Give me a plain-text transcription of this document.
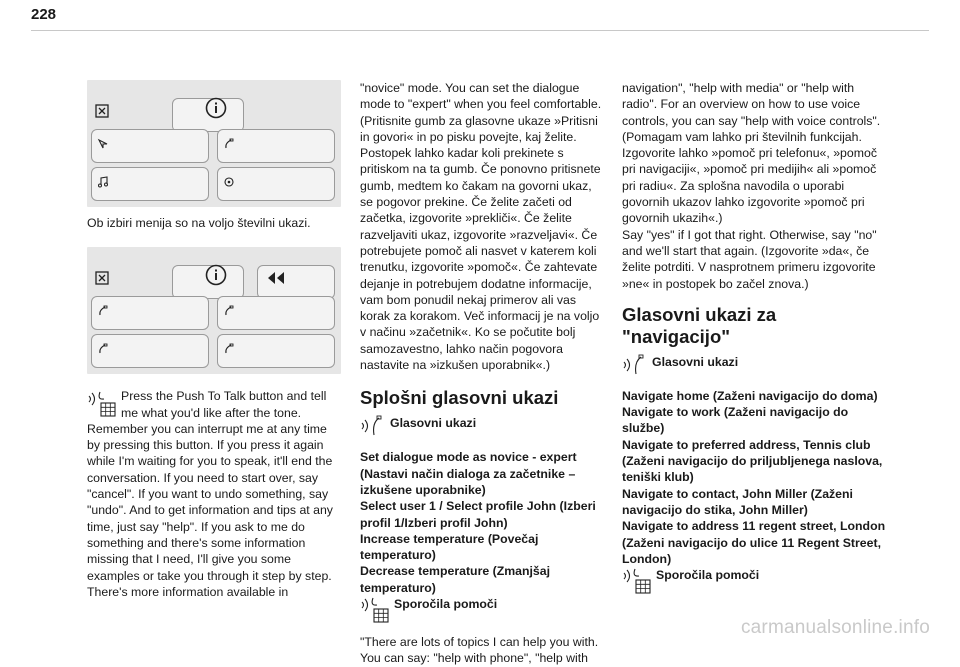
228

Ob izbiri menija so na voljo številni ukazi.

Press the Push To Talk button and tell me what you'd like after the tone. Remember you can interrupt me at any time by pressing this button. If you press it again while I'm waiting for you to speak, it'll end the conversation. If you need to start over, say "cancel". If you want to undo something, say "undo". And to get information and tips at any time, just say "help". If you ask to me do something and there's some information missing that I need, I'll give you some examples or take you through it step by step. There's more information available in

"novice" mode. You can set the dialogue mode to "expert" when you feel comfortable. (Pritisnite gumb za glasovne ukaze »Pritisni in govori« in po pisku povejte, kaj želite. Postopek lahko kadar koli prekinete s pritiskom na ta gumb. Če ponovno pritisnete gumb, medtem ko čakam na govorni ukaz, se pogovor prekine. Če želite začeti od začetka, izgovorite »prekliči«. Če želite razveljaviti ukaz, izgovorite »razveljavi«. Če potrebujete pomoč ali nasvet v katerem koli trenutku, izgovorite »pomoč«. Če zahtevate dejanje in potrebujem dodatne informacije, vam bom ponudil nekaj primerov ali vas korak za korakom. Več informacij je na voljo v načinu »začetnik«. Ko se počutite bolj samozavestno, lahko način pogovora nastavite na »izkušen uporabnik«.)

Splošni glasovni ukazi
Glasovni ukazi

Set dialogue mode as novice - expert (Nastavi način dialoga za začetnike – izkušene uporabnike)
Select user 1 / Select profile John (Izberi profil 1/Izberi profil John)
Increase temperature (Povečaj temperaturo)
Decrease temperature (Zmanjšaj temperaturo)

Sporočila pomoči

"There are lots of topics I can help you with. You can say: "help with phone", "help with

navigation", "help with media" or "help with radio". For an overview on how to use voice controls, you can say "help with voice controls". (Pomagam vam lahko pri številnih funkcijah. Izgovorite lahko »pomoč pri telefonu«, »pomoč pri navigaciji«, »pomoč pri medijih« ali »pomoč pri radiu«. Za splošna navodila o uporabi govornih ukazov lahko izgovorite »pomoč pri govornih ukazih«.)
Say "yes" if I got that right. Otherwise, say "no" and we'll start that again. (Izgovorite »da«, če želite potrditi. V nasprotnem primeru izgovorite »ne« in postopek bo začel znova.)

Glasovni ukazi za "navigacijo"
Glasovni ukazi

Navigate home (Zaženi navigacijo do doma)
Navigate to work (Zaženi navigacijo do službe)
Navigate to preferred address, Tennis club (Zaženi navigacijo do priljubljenega naslova, teniški klub)
Navigate to contact, John Miller (Zaženi navigacijo do stika, John Miller)
Navigate to address 11 regent street, London (Zaženi navigacijo do ulice 11 Regent Street, London)

Sporočila pomoči
carmanualsonline.info
